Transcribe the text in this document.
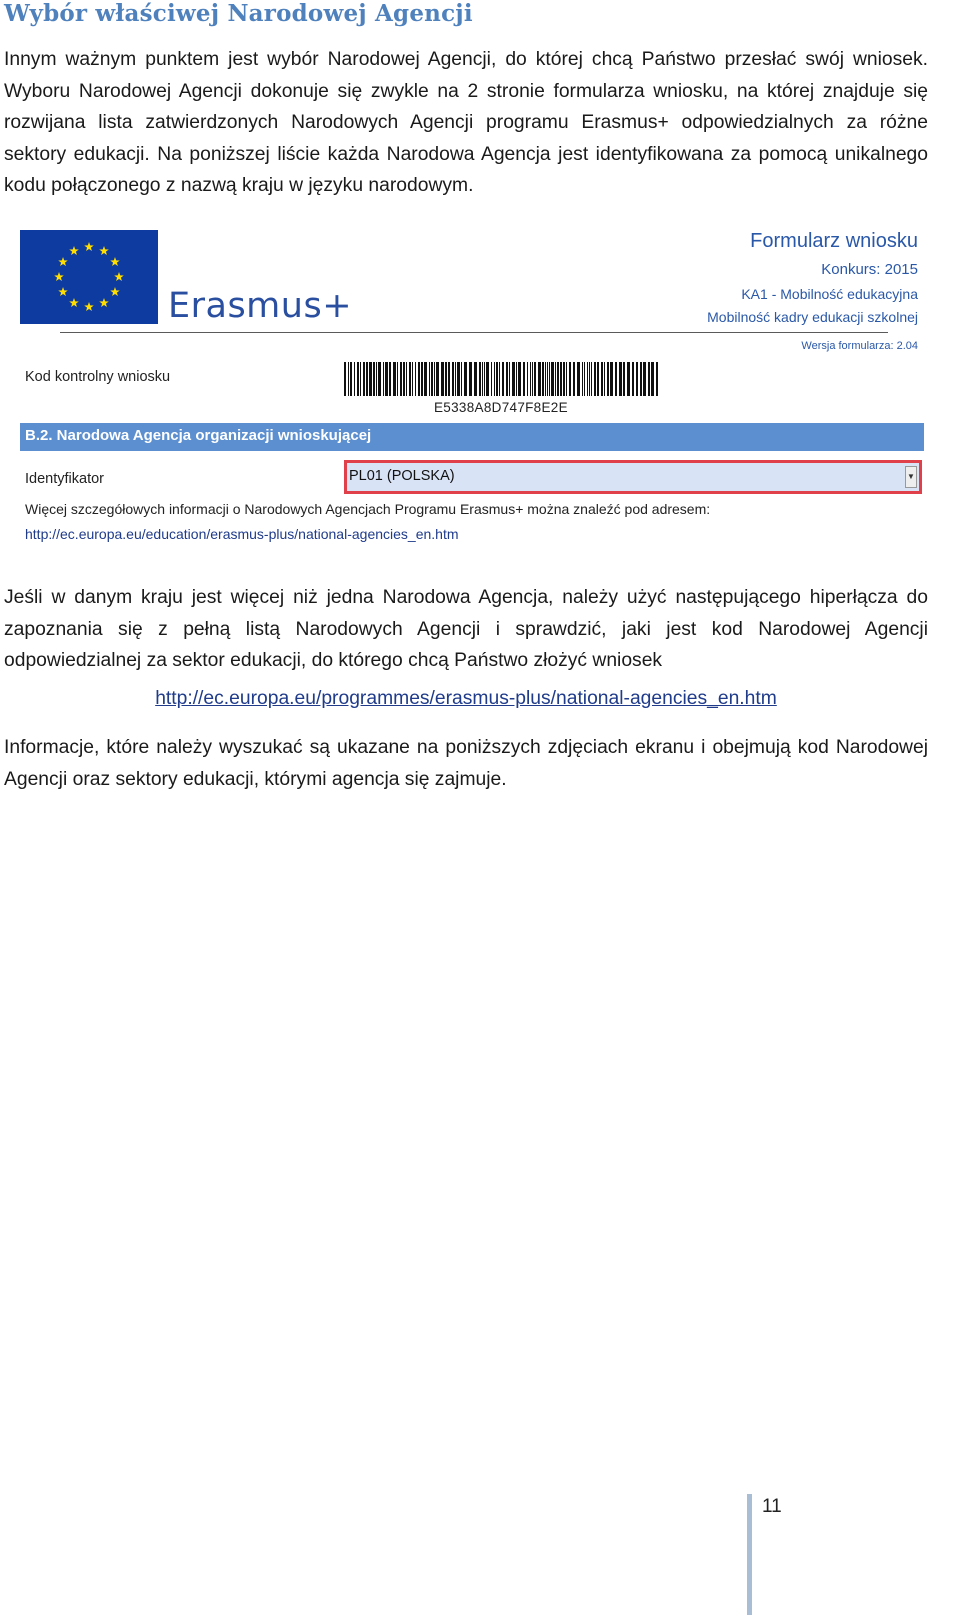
Wybór właściwej Narodowej Agencji

Innym ważnym punktem jest wybór Narodowej Agencji, do której chcą Państwo przesłać swój wniosek. Wyboru Narodowej Agencji dokonuje się zwykle na 2 stronie formularza wniosku, na której znajduje się rozwijana lista zatwierdzonych Narodowych Agencji programu Erasmus+ odpowiedzialnych za różne sektory edukacji. Na poniższej liście każda Narodowa Agencja jest identyfikowana za pomocą unikalnego kodu połączonego z nazwą kraju w języku narodowym.

Erasmus+
Formularz wniosku
Konkurs: 2015
KA1 - Mobilność edukacyjna
Mobilność kadry edukacji szkolnej
Wersja formularza: 2.04
Kod kontrolny wniosku
E5338A8D747F8E2E
B.2. Narodowa Agencja organizacji wnioskującej
Identyfikator	PL01 (POLSKA)	▼
Więcej szczegółowych informacji o Narodowych Agencjach Programu Erasmus+ można znaleźć pod adresem:
http://ec.europa.eu/education/erasmus-plus/national-agencies_en.htm

Jeśli w danym kraju jest więcej niż jedna Narodowa Agencja, należy użyć następującego hiperłącza do zapoznania się z pełną listą Narodowych Agencji i sprawdzić, jaki jest kod Narodowej Agencji odpowiedzialnej za sektor edukacji, do którego chcą Państwo złożyć wniosek

http://ec.europa.eu/programmes/erasmus-plus/national-agencies_en.htm

Informacje, które należy wyszukać są ukazane na poniższych zdjęciach ekranu i obejmują kod Narodowej Agencji oraz sektory edukacji, którymi agencja się zajmuje.

11
